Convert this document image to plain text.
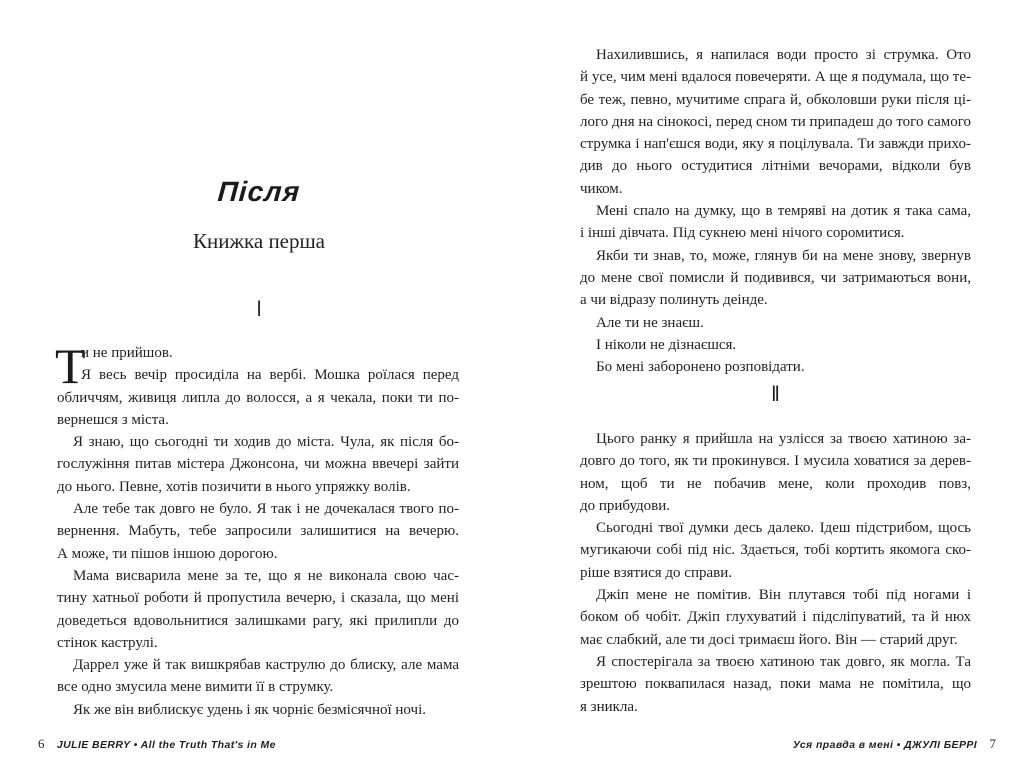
Після
Книжка перша
I
Т
и не прийшов.
Я весь вечір просиділа на вербі. Мошка роїлася перед
обличчям, живиця липла до волосся, а я чекала, поки ти по-
вернешся з міста.
Я знаю, що сьогодні ти ходив до міста. Чула, як після бо-
гослужіння питав містера Джонсона, чи можна ввечері зайти
до нього. Певне, хотів позичити в нього упряжку волів.
Але тебе так довго не було. Я так і не дочекалася твого по-
вернення. Мабуть, тебе запросили залишитися на вечерю.
А може, ти пішов іншою дорогою.
Мама висварила мене за те, що я не виконала свою час-
тину хатньої роботи й пропустила вечерю, і сказала, що мені
доведеться вдовольнитися залишками рагу, які прилипли до
стінок каструлі.
Даррел уже й так вишкрябав каструлю до блиску, але мама
все одно змусила мене вимити її в струмку.
Як же він виблискує удень і як чорніє безмісячної ночі.
6 JULIE BERRY • All the Truth That's in Me
Нахилившись, я напилася води просто зі струмка. Ото
й усе, чим мені вдалося повечеряти. А ще я подумала, що те-
бе теж, певно, мучитиме спрага й, обколовши руки після ці-
лого дня на сінокосі, перед сном ти припадеш до того самого
струмка і нап'єшся води, яку я поцілувала. Ти завжди прихо-
див до нього остудитися літніми вечорами, відколи був
чиком.
Мені спало на думку, що в темряві на дотик я така сама,
і інші дівчата. Під сукнею мені нічого соромитися.
Якби ти знав, то, може, глянув би на мене знову, звернув
до мене свої помисли й подивився, чи затримаються вони,
а чи відразу полинуть деінде.
Але ти не знаєш.
І ніколи не дізнаєшся.
Бо мені заборонено розповідати.
II
Цього ранку я прийшла на узлісся за твоєю хатиною за-
довго до того, як ти прокинувся. І мусила ховатися за дерев-
ном, щоб ти не побачив мене, коли проходив повз,
до прибудови.
Сьогодні твої думки десь далеко. Ідеш підстрибом, щось
мугикаючи собі під ніс. Здається, тобі кортить якомога ско-
ріше взятися до справи.
Джіп мене не помітив. Він плутався тобі під ногами і
боком об чобіт. Джіп глухуватий і підсліпуватий, та й нюх
має слабкий, але ти досі тримаєш його. Він — старий друг.
Я спостерігала за твоєю хатиною так довго, як могла. Та
зрештою поквапилася назад, поки мама не помітила, що
я зникла.
Уся правда в мені • ДЖУЛІ БЕРРІ 7
